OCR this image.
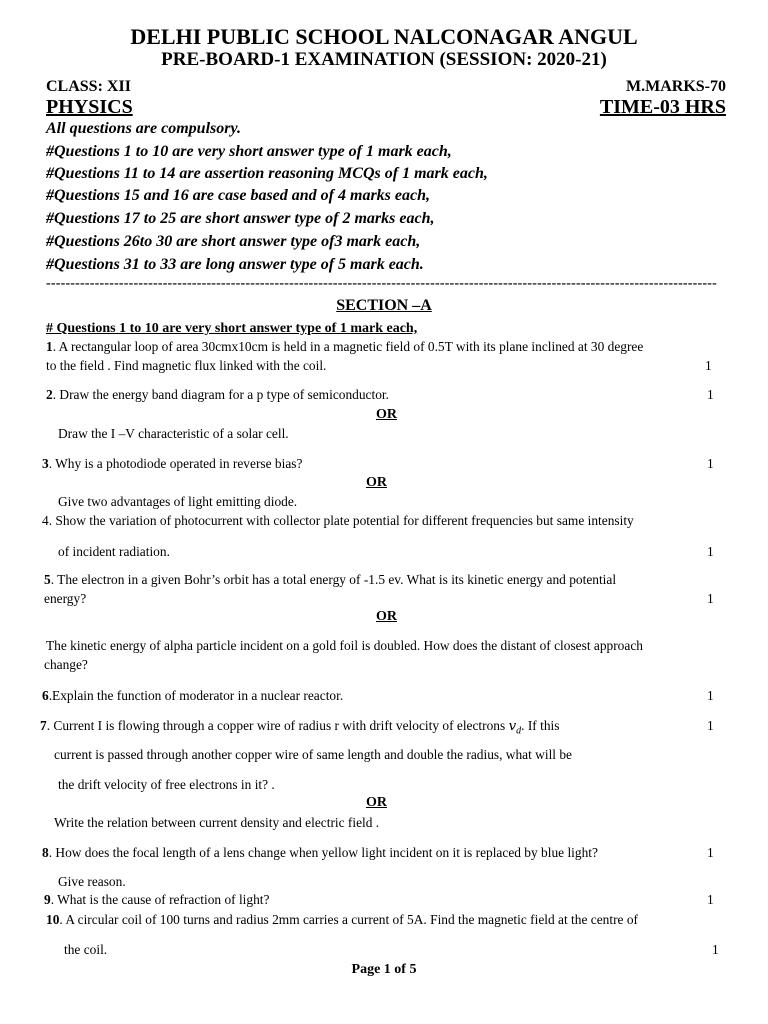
DELHI PUBLIC SCHOOL NALCONAGAR ANGUL
PRE-BOARD-1 EXAMINATION (SESSION: 2020-21)
CLASS: XII	M.MARKS-70
PHYSICS	TIME-03 HRS
All questions are compulsory.
#Questions 1 to 10 are very short answer type of 1 mark each,
#Questions 11 to 14 are assertion reasoning MCQs of 1 mark each,
#Questions 15 and 16 are case based and of 4 marks each,
#Questions 17 to 25 are short answer type of 2 marks each,
#Questions 26to 30 are short answer type of3 mark each,
#Questions 31 to 33 are long answer type of 5 mark each.
------------------------------------------------------------------------------------------------------------------------------------------
SECTION –A
# Questions 1 to 10 are very short answer type of 1 mark each,
1. A rectangular loop of area 30cmx10cm is held in a magnetic field of 0.5T with its plane inclined at 30 degree
to the field . Find magnetic flux linked with the coil.	1
2. Draw the energy band diagram for a p type of semiconductor.	1
OR
Draw the I –V characteristic of a solar cell.
3. Why is a photodiode operated in reverse bias?	1
OR
Give two advantages of light emitting diode.
4. Show the variation of photocurrent with collector plate potential for different frequencies but same intensity
of incident radiation.	1
5. The electron in a given Bohr’s orbit has a total energy of -1.5 ev. What is its kinetic energy and potential
energy?	1
OR
The kinetic energy of alpha particle incident on a gold foil is doubled. How does the distant of closest approach
change?
6.Explain the function of moderator in a nuclear reactor.	1
7. Current I is flowing through a copper wire of radius r with drift velocity of electrons $v_d$. If this	1
current is passed through another copper wire of same length and double the radius, what will be
the drift velocity of free electrons in it? .
OR
Write the relation between current density and electric field .
8. How does the focal length of a lens change when yellow light incident on it is replaced by blue light?	1
Give reason.
9. What is the cause of refraction of light?	1
10. A circular coil of 100 turns and radius 2mm carries a current of 5A. Find the magnetic field at the centre of
the coil.	1
Page 1 of 5
